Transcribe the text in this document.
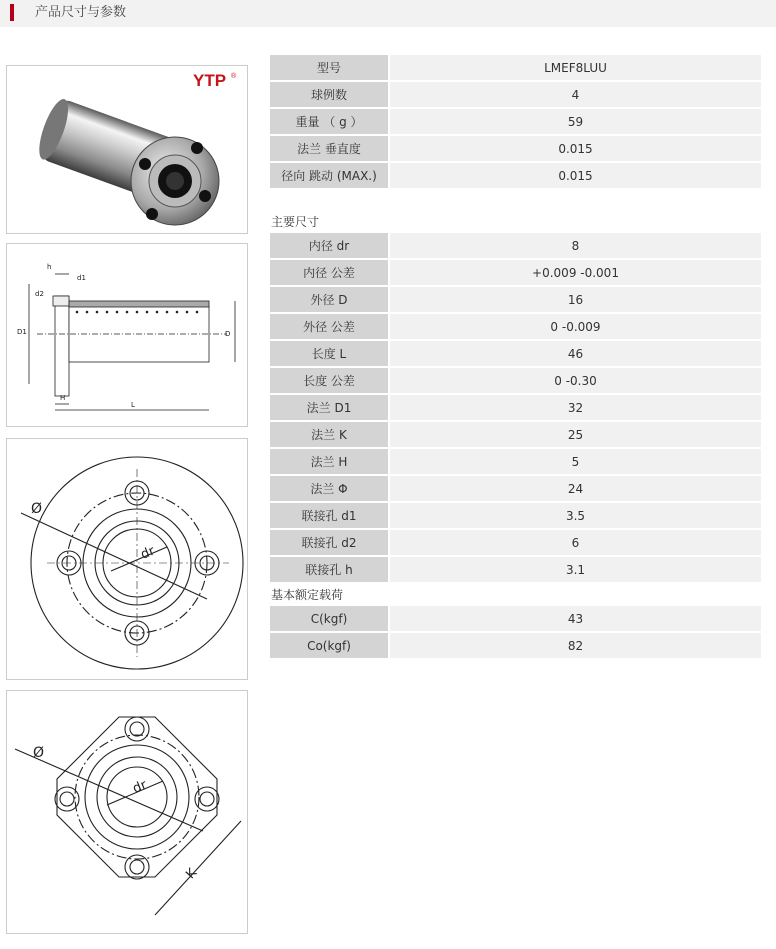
产品尺寸与参数
YTP ®
h
d1
d2
D1	D
H
L
Ø
dr
Ø
dr
K
型号	LMEF8LUU
球例数	4
重量 （ g ）	59
法兰 垂直度	0.015
径向 跳动 (MAX.)	0.015
主要尺寸
内径 dr	8
内径 公差	+0.009 -0.001
外径 D	16
外径 公差	0 -0.009
长度 L	46
长度 公差	0 -0.30
法兰 D1	32
法兰 K	25
法兰 H	5
法兰 Φ	24
联接孔 d1	3.5
联接孔 d2	6
联接孔 h	3.1
基本额定载荷
C(kgf)	43
Co(kgf)	82
